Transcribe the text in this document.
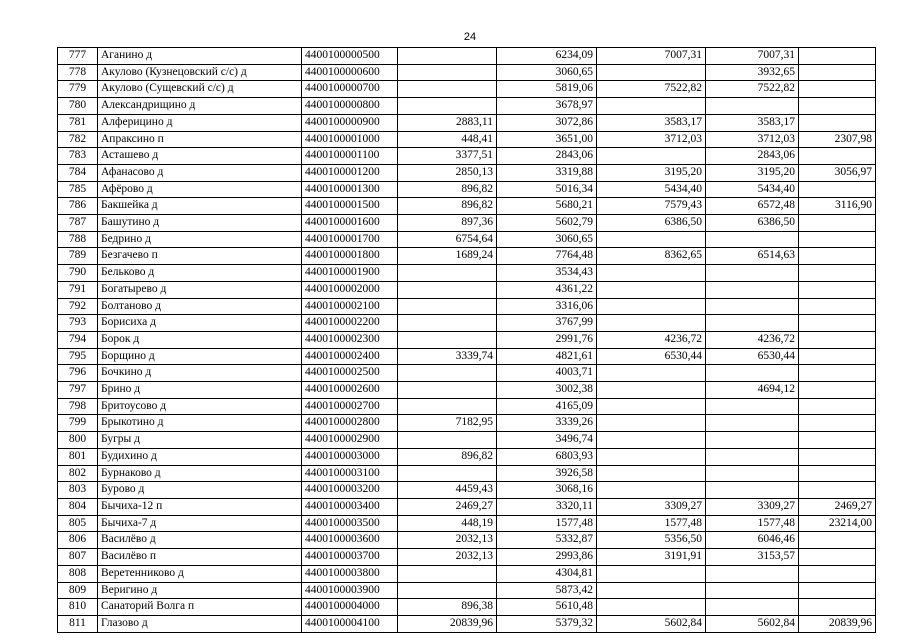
24
777	Аганино д	4400100000500		6234,09	7007,31	7007,31	
778	Акулово (Кузнецовский с/с) д	4400100000600		3060,65		3932,65	
779	Акулово (Сущевский с/с) д	4400100000700		5819,06	7522,82	7522,82	
780	Александрищино д	4400100000800		3678,97			
781	Алферицино д	4400100000900	2883,11	3072,86	3583,17	3583,17	
782	Апраксино п	4400100001000	448,41	3651,00	3712,03	3712,03	2307,98
783	Асташево д	4400100001100	3377,51	2843,06		2843,06	
784	Афанасово д	4400100001200	2850,13	3319,88	3195,20	3195,20	3056,97
785	Афёрово д	4400100001300	896,82	5016,34	5434,40	5434,40	
786	Бакшейка д	4400100001500	896,82	5680,21	7579,43	6572,48	3116,90
787	Башутино д	4400100001600	897,36	5602,79	6386,50	6386,50	
788	Бедрино д	4400100001700	6754,64	3060,65			
789	Безгачево п	4400100001800	1689,24	7764,48	8362,65	6514,63	
790	Бельково д	4400100001900		3534,43			
791	Богатырево д	4400100002000		4361,22			
792	Болтаново д	4400100002100		3316,06			
793	Борисиха д	4400100002200		3767,99			
794	Борок д	4400100002300		2991,76	4236,72	4236,72	
795	Борщино д	4400100002400	3339,74	4821,61	6530,44	6530,44	
796	Бочкино д	4400100002500		4003,71			
797	Брино д	4400100002600		3002,38		4694,12	
798	Бритоусово д	4400100002700		4165,09			
799	Брыкотино д	4400100002800	7182,95	3339,26			
800	Бугры д	4400100002900		3496,74			
801	Будихино д	4400100003000	896,82	6803,93			
802	Бурнаково д	4400100003100		3926,58			
803	Бурово д	4400100003200	4459,43	3068,16			
804	Бычиха-12 п	4400100003400	2469,27	3320,11	3309,27	3309,27	2469,27
805	Бычиха-7 д	4400100003500	448,19	1577,48	1577,48	1577,48	23214,00
806	Василёво д	4400100003600	2032,13	5332,87	5356,50	6046,46	
807	Василёво п	4400100003700	2032,13	2993,86	3191,91	3153,57	
808	Веретенниково д	4400100003800		4304,81			
809	Веригино д	4400100003900		5873,42			
810	Санаторий Волга п	4400100004000	896,38	5610,48			
811	Глазово д	4400100004100	20839,96	5379,32	5602,84	5602,84	20839,96
